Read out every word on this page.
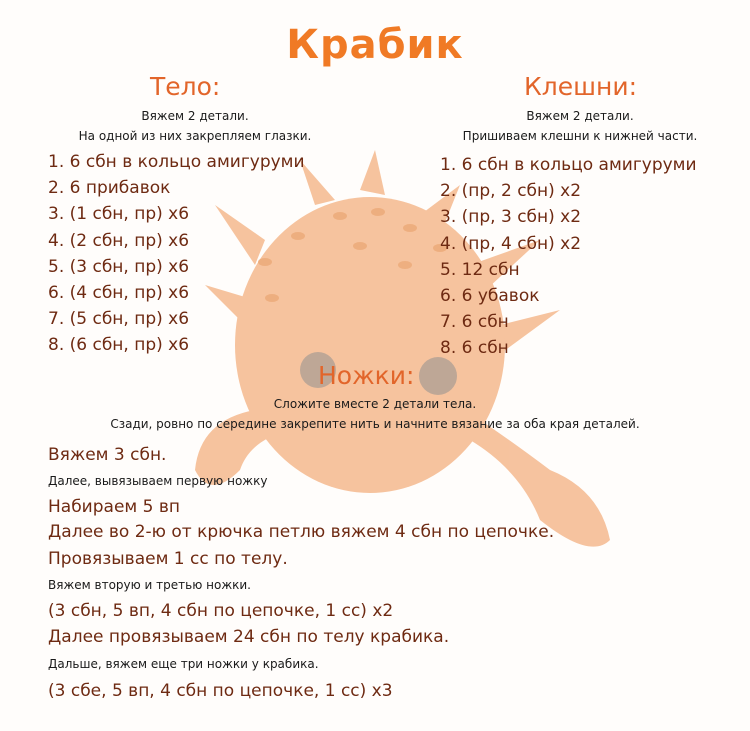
Крабик
Тело:
Вяжем 2 детали.
На одной из них закрепляем глазки.
1. 6 сбн в кольцо амигуруми
2. 6 прибавок
3. (1 сбн, пр) x6
4. (2 сбн, пр) x6
5. (3 сбн, пр) x6
6. (4 сбн, пр) x6
7. (5 сбн, пр) x6
8. (6 сбн, пр) x6
Клешни:
Вяжем 2 детали.
Пришиваем клешни к нижней части.
1. 6 сбн в кольцо амигуруми
2. (пр, 2 сбн) x2
3. (пр, 3 сбн) x2
4. (пр, 4 сбн) x2
5. 12 сбн
6. 6 убавок
7. 6 сбн
8. 6 сбн
Ножки:
Сложите вместе 2 детали тела.
Сзади, ровно по середине закрепите нить и начните вязание за оба края деталей.
Вяжем 3 сбн.
Далее, вывязываем первую ножку
Набираем 5 вп
Далее во 2-ю от крючка петлю вяжем 4 сбн по цепочке.
Провязываем 1 сс по телу.
Вяжем вторую и третью ножки.
(3 сбн, 5 вп, 4 сбн по цепочке, 1 сс) x2
Далее провязываем 24 сбн по телу крабика.
Дальше, вяжем еще три ножки у крабика.
(3 сбе, 5 вп, 4 сбн по цепочке, 1 сс) x3
